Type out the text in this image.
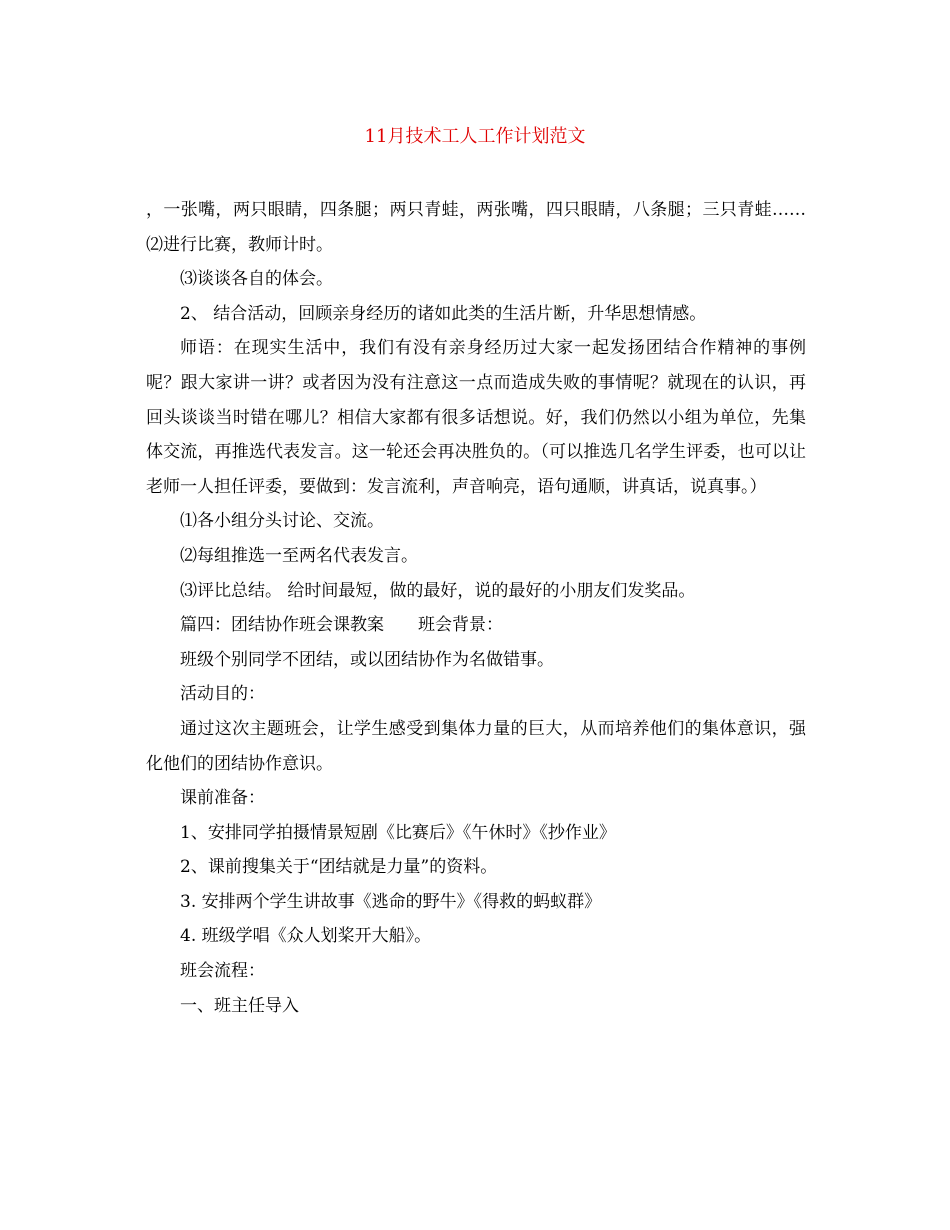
11月技术工人工作计划范文

，一张嘴，两只眼睛，四条腿；两只青蛙，两张嘴，四只眼睛，八条腿；三只青蛙……⑵进行比赛，教师计时。

⑶谈谈各自的体会。

2、 结合活动，回顾亲身经历的诸如此类的生活片断，升华思想情感。

师语：在现实生活中，我们有没有亲身经历过大家一起发扬团结合作精神的事例呢？跟大家讲一讲？或者因为没有注意这一点而造成失败的事情呢？就现在的认识，再回头谈谈当时错在哪儿？相信大家都有很多话想说。好，我们仍然以小组为单位，先集体交流，再推选代表发言。这一轮还会再决胜负的。（可以推选几名学生评委，也可以让老师一人担任评委，要做到：发言流利，声音响亮，语句通顺，讲真话，说真事。）

⑴各小组分头讨论、交流。

⑵每组推选一至两名代表发言。

⑶评比总结。 给时间最短，做的最好，说的最好的小朋友们发奖品。

篇四：团结协作班会课教案　　班会背景：

班级个别同学不团结，或以团结协作为名做错事。

活动目的：

通过这次主题班会，让学生感受到集体力量的巨大，从而培养他们的集体意识，强化他们的团结协作意识。

课前准备：

1、安排同学拍摄情景短剧《比赛后》《午休时》《抄作业》

2、课前搜集关于“团结就是力量”的资料。

3. 安排两个学生讲故事《逃命的野牛》《得救的蚂蚁群》

4. 班级学唱《众人划桨开大船》。

班会流程：

一、班主任导入
